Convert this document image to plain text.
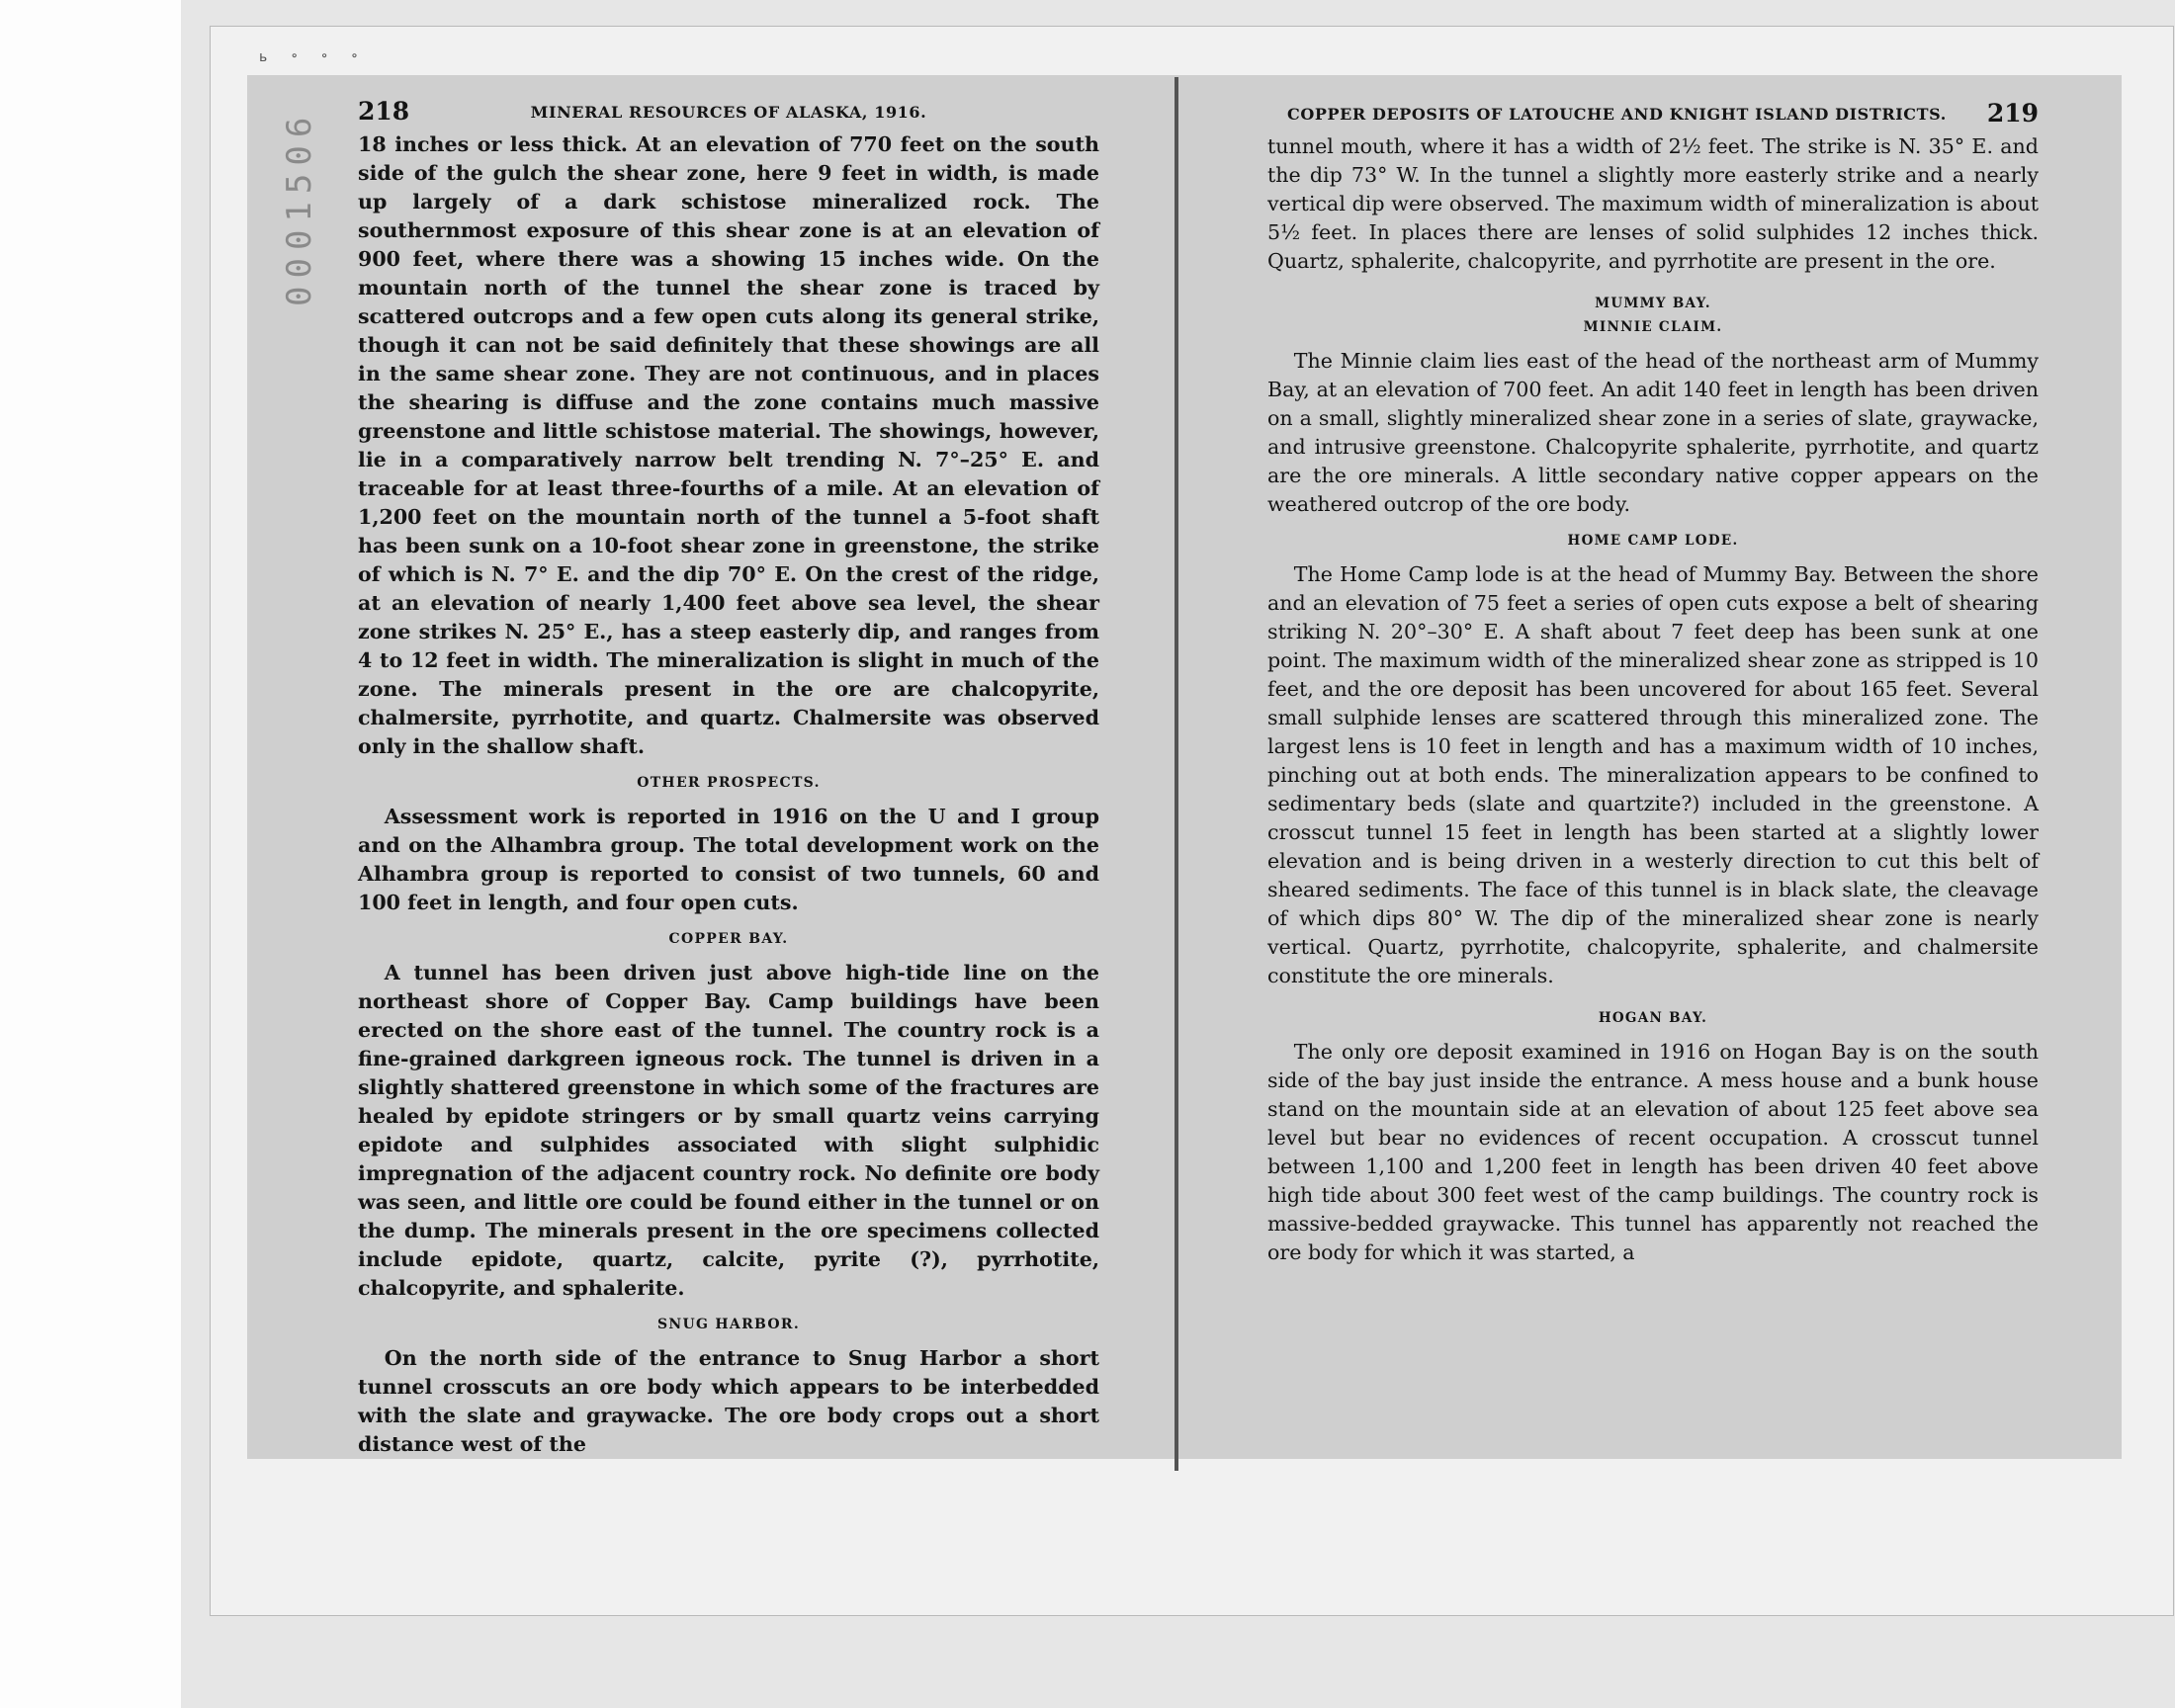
ь ॰ ॰ ॰
0001506 218	MINERAL RESOURCES OF ALASKA, 1916.

18 inches or less thick. At an elevation of 770 feet on the south side of the gulch the shear zone, here 9 feet in width, is made up largely of a dark schistose mineralized rock. The southernmost exposure of this shear zone is at an elevation of 900 feet, where there was a showing 15 inches wide. On the mountain north of the tunnel the shear zone is traced by scattered outcrops and a few open cuts along its general strike, though it can not be said definitely that these showings are all in the same shear zone. They are not continuous, and in places the shearing is diffuse and the zone contains much massive greenstone and little schistose material. The showings, however, lie in a comparatively narrow belt trending N. 7°–25° E. and traceable for at least three-fourths of a mile. At an elevation of 1,200 feet on the mountain north of the tunnel a 5-foot shaft has been sunk on a 10-foot shear zone in greenstone, the strike of which is N. 7° E. and the dip 70° E. On the crest of the ridge, at an elevation of nearly 1,400 feet above sea level, the shear zone strikes N. 25° E., has a steep easterly dip, and ranges from 4 to 12 feet in width. The mineralization is slight in much of the zone. The minerals present in the ore are chalcopyrite, chalmersite, pyrrhotite, and quartz. Chalmersite was observed only in the shallow shaft.

OTHER PROSPECTS.

Assessment work is reported in 1916 on the U and I group and on the Alhambra group. The total development work on the Alhambra group is reported to consist of two tunnels, 60 and 100 feet in length, and four open cuts.

COPPER BAY.

A tunnel has been driven just above high-tide line on the northeast shore of Copper Bay. Camp buildings have been erected on the shore east of the tunnel. The country rock is a fine-grained darkgreen igneous rock. The tunnel is driven in a slightly shattered greenstone in which some of the fractures are healed by epidote stringers or by small quartz veins carrying epidote and sulphides associated with slight sulphidic impregnation of the adjacent country rock. No definite ore body was seen, and little ore could be found either in the tunnel or on the dump. The minerals present in the ore specimens collected include epidote, quartz, calcite, pyrite (?), pyrrhotite, chalcopyrite, and sphalerite.

SNUG HARBOR.

On the north side of the entrance to Snug Harbor a short tunnel crosscuts an ore body which appears to be interbedded with the slate and graywacke. The ore body crops out a short distance west of the

COPPER DEPOSITS OF LATOUCHE AND KNIGHT ISLAND DISTRICTS. 219

tunnel mouth, where it has a width of 2½ feet. The strike is N. 35° E. and the dip 73° W. In the tunnel a slightly more easterly strike and a nearly vertical dip were observed. The maximum width of mineralization is about 5½ feet. In places there are lenses of solid sulphides 12 inches thick. Quartz, sphalerite, chalcopyrite, and pyrrhotite are present in the ore.

MUMMY BAY.

MINNIE CLAIM.

The Minnie claim lies east of the head of the northeast arm of Mummy Bay, at an elevation of 700 feet. An adit 140 feet in length has been driven on a small, slightly mineralized shear zone in a series of slate, graywacke, and intrusive greenstone. Chalcopyrite sphalerite, pyrrhotite, and quartz are the ore minerals. A little secondary native copper appears on the weathered outcrop of the ore body.

HOME CAMP LODE.

The Home Camp lode is at the head of Mummy Bay. Between the shore and an elevation of 75 feet a series of open cuts expose a belt of shearing striking N. 20°–30° E. A shaft about 7 feet deep has been sunk at one point. The maximum width of the mineralized shear zone as stripped is 10 feet, and the ore deposit has been uncovered for about 165 feet. Several small sulphide lenses are scattered through this mineralized zone. The largest lens is 10 feet in length and has a maximum width of 10 inches, pinching out at both ends. The mineralization appears to be confined to sedimentary beds (slate and quartzite?) included in the greenstone. A crosscut tunnel 15 feet in length has been started at a slightly lower elevation and is being driven in a westerly direction to cut this belt of sheared sediments. The face of this tunnel is in black slate, the cleavage of which dips 80° W. The dip of the mineralized shear zone is nearly vertical. Quartz, pyrrhotite, chalcopyrite, sphalerite, and chalmersite constitute the ore minerals.

HOGAN BAY.

The only ore deposit examined in 1916 on Hogan Bay is on the south side of the bay just inside the entrance. A mess house and a bunk house stand on the mountain side at an elevation of about 125 feet above sea level but bear no evidences of recent occupation. A crosscut tunnel between 1,100 and 1,200 feet in length has been driven 40 feet above high tide about 300 feet west of the camp buildings. The country rock is massive-bedded graywacke. This tunnel has apparently not reached the ore body for which it was started, a
